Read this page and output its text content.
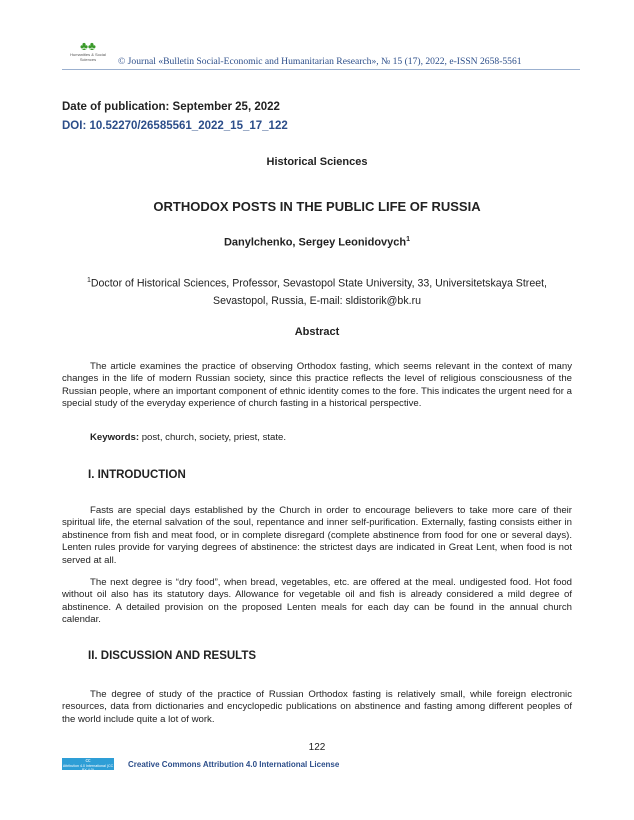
♣♣
Humanities & Social
Sciences	© Journal «Bulletin Social-Economic and Humanitarian Research», № 15 (17), 2022, e-ISSN 2658-5561
Date of publication: September 25, 2022
DOI: 10.52270/26585561_2022_15_17_122
Historical Sciences
ORTHODOX POSTS IN THE PUBLIC LIFE OF RUSSIA
Danylchenko, Sergey Leonidovych$^1$
$^1$Doctor of Historical Sciences, Professor, Sevastopol State University, 33, Universitetskaya Street, Sevastopol, Russia, E-mail: sldistorik@bk.ru
Abstract
The article examines the practice of observing Orthodox fasting, which seems relevant in the context of many changes in the life of modern Russian society, since this practice reflects the level of religious consciousness of the Russian people, where an important component of ethnic identity comes to the fore. This indicates the urgent need for a special study of the everyday experience of church fasting in a historical perspective.
Keywords: post, church, society, priest, state.
I. INTRODUCTION
Fasts are special days established by the Church in order to encourage believers to take more care of their spiritual life, the eternal salvation of the soul, repentance and inner self-purification. Externally, fasting consists either in abstinence from fish and meat food, or in complete disregard (complete abstinence from food for one or several days). Lenten rules provide for varying degrees of abstinence: the strictest days are indicated in Great Lent, when food is not served at all.
The next degree is “dry food”, when bread, vegetables, etc. are offered at the meal. undigested food. Hot food without oil also has its statutory days. Allowance for vegetable oil and fish is already considered a mild degree of abstinence. A detailed provision on the proposed Lenten meals for each day can be found in the annual church calendar.
II. DISCUSSION AND RESULTS
The degree of study of the practice of Russian Orthodox fasting is relatively small, while foreign electronic resources, data from dictionaries and encyclopedic publications on abstinence and fasting among different peoples of the world include quite a lot of work.
122
cc
Attribution 4.0 International (CC BY 4.0)
Creative Commons Attribution 4.0 International License
